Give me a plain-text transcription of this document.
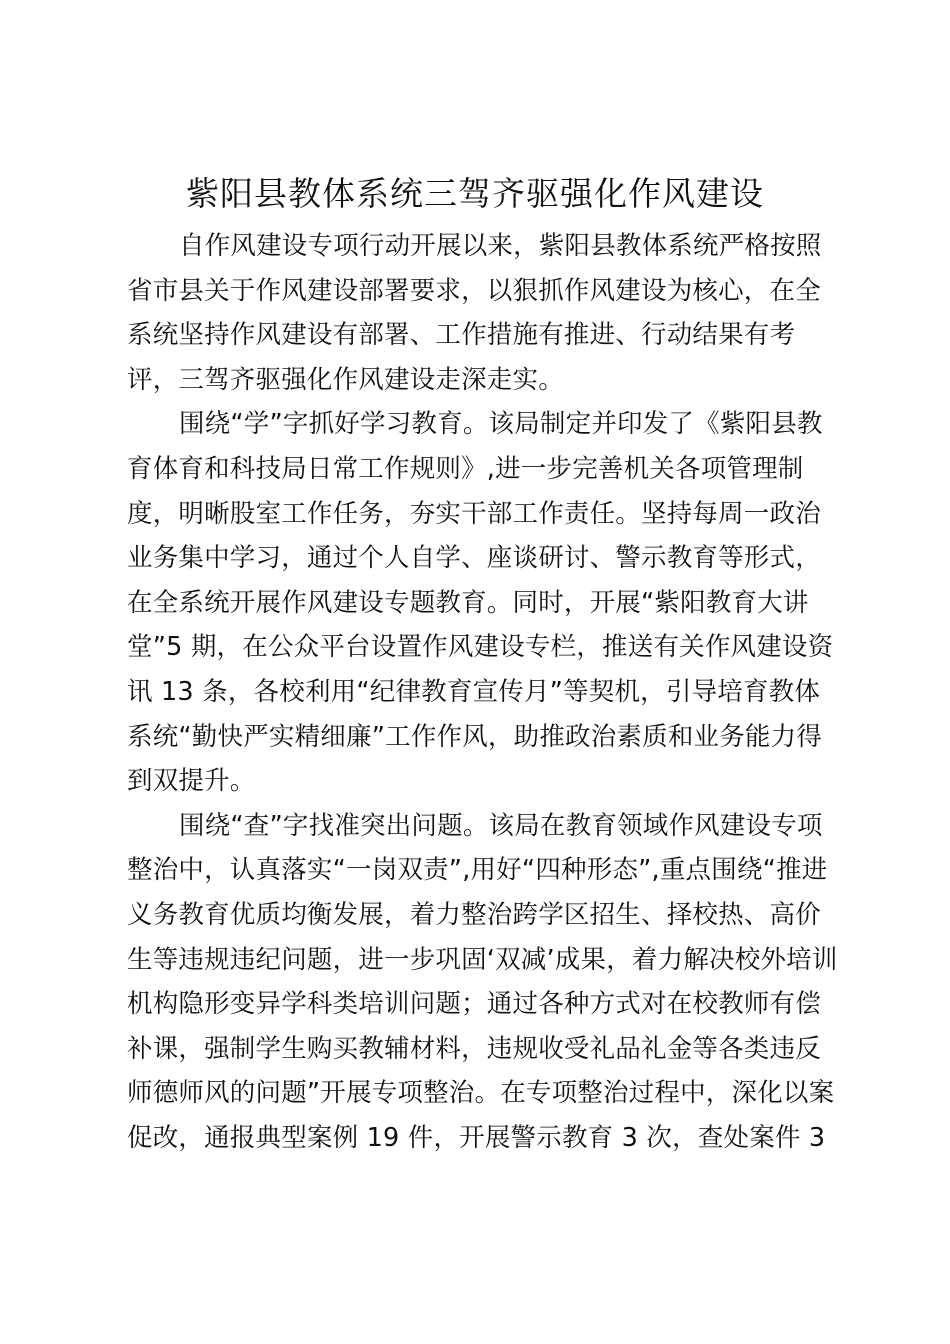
紫阳县教体系统三驾齐驱强化作风建设
自作风建设专项行动开展以来，紫阳县教体系统严格按照
省市县关于作风建设部署要求，以狠抓作风建设为核心，在全
系统坚持作风建设有部署、工作措施有推进、行动结果有考
评，三驾齐驱强化作风建设走深走实。
围绕“学”字抓好学习教育。该局制定并印发了《紫阳县教
育体育和科技局日常工作规则》,进一步完善机关各项管理制
度，明晰股室工作任务，夯实干部工作责任。坚持每周一政治
业务集中学习，通过个人自学、座谈研讨、警示教育等形式，
在全系统开展作风建设专题教育。同时，开展“紫阳教育大讲
堂”5 期，在公众平台设置作风建设专栏，推送有关作风建设资
讯 13 条，各校利用“纪律教育宣传月”等契机，引导培育教体
系统“勤快严实精细廉”工作作风，助推政治素质和业务能力得
到双提升。
围绕“查”字找准突出问题。该局在教育领域作风建设专项
整治中，认真落实“一岗双责”,用好“四种形态”,重点围绕“推进
义务教育优质均衡发展，着力整治跨学区招生、择校热、高价
生等违规违纪问题，进一步巩固‘双减’成果，着力解决校外培训
机构隐形变异学科类培训问题；通过各种方式对在校教师有偿
补课，强制学生购买教辅材料，违规收受礼品礼金等各类违反
师德师风的问题”开展专项整治。在专项整治过程中，深化以案
促改，通报典型案例 19 件，开展警示教育 3 次，查处案件 3
